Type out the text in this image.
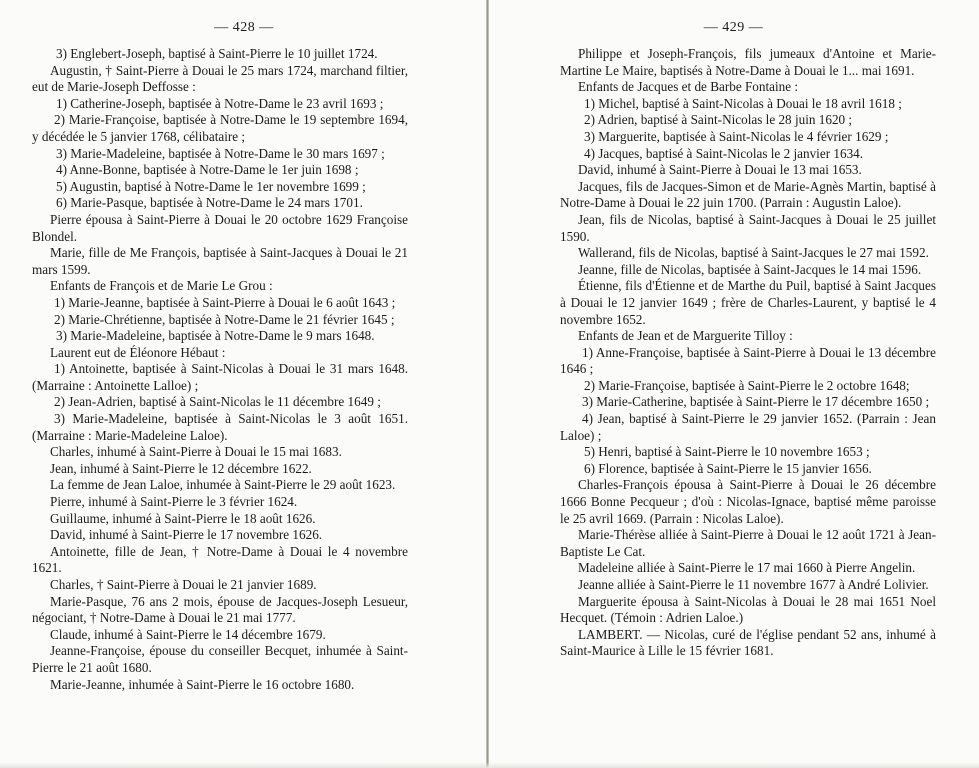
— 428 —

3) Englebert-Joseph, baptisé à Saint-Pierre le 10 juillet 1724.

Augustin, † Saint-Pierre à Douai le 25 mars 1724, marchand filtier, eut de Marie-Joseph Deffosse :

1) Catherine-Joseph, baptisée à Notre-Dame le 23 avril 1693 ;

2) Marie-Françoise, baptisée à Notre-Dame le 19 septembre 1694, y décédée le 5 janvier 1768, célibataire ;

3) Marie-Madeleine, baptisée à Notre-Dame le 30 mars 1697 ;

4) Anne-Bonne, baptisée à Notre-Dame le 1er juin 1698 ;

5) Augustin, baptisé à Notre-Dame le 1er novembre 1699 ;

6) Marie-Pasque, baptisée à Notre-Dame le 24 mars 1701.

Pierre épousa à Saint-Pierre à Douai le 20 octobre 1629 Françoise Blondel.

Marie, fille de Me François, baptisée à Saint-Jacques à Douai le 21 mars 1599.

Enfants de François et de Marie Le Grou :

1) Marie-Jeanne, baptisée à Saint-Pierre à Douai le 6 août 1643 ;

2) Marie-Chrétienne, baptisée à Notre-Dame le 21 février 1645 ;

3) Marie-Madeleine, baptisée à Notre-Dame le 9 mars 1648.

Laurent eut de Éléonore Hébaut :

1) Antoinette, baptisée à Saint-Nicolas à Douai le 31 mars 1648. (Marraine : Antoinette Lalloe) ;

2) Jean-Adrien, baptisé à Saint-Nicolas le 11 décembre 1649 ;

3) Marie-Madeleine, baptisée à Saint-Nicolas le 3 août 1651. (Marraine : Marie-Madeleine Laloe).

Charles, inhumé à Saint-Pierre à Douai le 15 mai 1683.

Jean, inhumé à Saint-Pierre le 12 décembre 1622.

La femme de Jean Laloe, inhumée à Saint-Pierre le 29 août 1623.

Pierre, inhumé à Saint-Pierre le 3 février 1624.

Guillaume, inhumé à Saint-Pierre le 18 août 1626.

David, inhumé à Saint-Pierre le 17 novembre 1626.

Antoinette, fille de Jean, † Notre-Dame à Douai le 4 novembre 1621.

Charles, † Saint-Pierre à Douai le 21 janvier 1689.

Marie-Pasque, 76 ans 2 mois, épouse de Jacques-Joseph Lesueur, négociant, † Notre-Dame à Douai le 21 mai 1777.

Claude, inhumé à Saint-Pierre le 14 décembre 1679.

Jeanne-Françoise, épouse du conseiller Becquet, inhumée à Saint-Pierre le 21 août 1680.

Marie-Jeanne, inhumée à Saint-Pierre le 16 octobre 1680.

— 429 —

Philippe et Joseph-François, fils jumeaux d'Antoine et Marie-Martine Le Maire, baptisés à Notre-Dame à Douai le 1... mai 1691.

Enfants de Jacques et de Barbe Fontaine :

1) Michel, baptisé à Saint-Nicolas à Douai le 18 avril 1618 ;

2) Adrien, baptisé à Saint-Nicolas le 28 juin 1620 ;

3) Marguerite, baptisée à Saint-Nicolas le 4 février 1629 ;

4) Jacques, baptisé à Saint-Nicolas le 2 janvier 1634.

David, inhumé à Saint-Pierre à Douai le 13 mai 1653.

Jacques, fils de Jacques-Simon et de Marie-Agnès Martin, baptisé à Notre-Dame à Douai le 22 juin 1700. (Parrain : Augustin Laloe).

Jean, fils de Nicolas, baptisé à Saint-Jacques à Douai le 25 juillet 1590.

Wallerand, fils de Nicolas, baptisé à Saint-Jacques le 27 mai 1592.

Jeanne, fille de Nicolas, baptisée à Saint-Jacques le 14 mai 1596.

Étienne, fils d'Étienne et de Marthe du Puil, baptisé à Saint Jacques à Douai le 12 janvier 1649 ; frère de Charles-Laurent, y baptisé le 4 novembre 1652.

Enfants de Jean et de Marguerite Tilloy :

1) Anne-Françoise, baptisée à Saint-Pierre à Douai le 13 décembre 1646 ;

2) Marie-Françoise, baptisée à Saint-Pierre le 2 octobre 1648;

3) Marie-Catherine, baptisée à Saint-Pierre le 17 décembre 1650 ;

4) Jean, baptisé à Saint-Pierre le 29 janvier 1652. (Parrain : Jean Laloe) ;

5) Henri, baptisé à Saint-Pierre le 10 novembre 1653 ;

6) Florence, baptisée à Saint-Pierre le 15 janvier 1656.

Charles-François épousa à Saint-Pierre à Douai le 26 décembre 1666 Bonne Pecqueur ; d'où : Nicolas-Ignace, baptisé même paroisse le 25 avril 1669. (Parrain : Nicolas Laloe).

Marie-Thérèse alliée à Saint-Pierre à Douai le 12 août 1721 à Jean-Baptiste Le Cat.

Madeleine alliée à Saint-Pierre le 17 mai 1660 à Pierre Angelin.

Jeanne alliée à Saint-Pierre le 11 novembre 1677 à André Lolivier.

Marguerite épousa à Saint-Nicolas à Douai le 28 mai 1651 Noel Hecquet. (Témoin : Adrien Laloe.)

LAMBERT. — Nicolas, curé de l'église pendant 52 ans, inhumé à Saint-Maurice à Lille le 15 février 1681.
